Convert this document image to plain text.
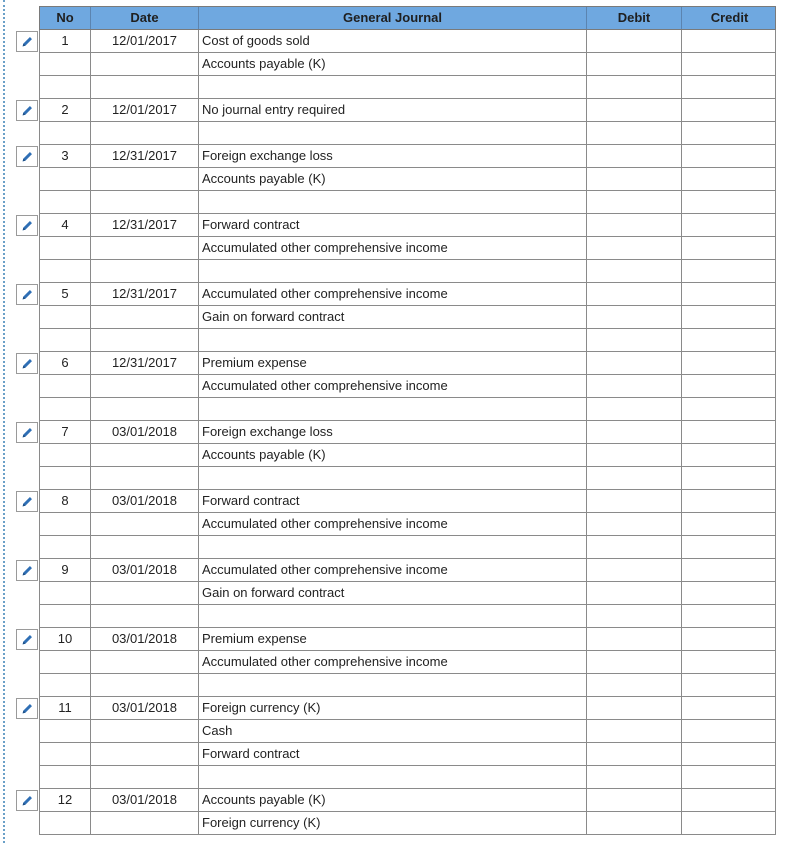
No	Date	General Journal	Debit	Credit
1	12/01/2017	Cost of goods sold
Accounts payable (K)
2	12/01/2017	No journal entry required
3	12/31/2017	Foreign exchange loss
Accounts payable (K)
4	12/31/2017	Forward contract
Accumulated other comprehensive income
5	12/31/2017	Accumulated other comprehensive income
Gain on forward contract
6	12/31/2017	Premium expense
Accumulated other comprehensive income
7	03/01/2018	Foreign exchange loss
Accounts payable (K)
8	03/01/2018	Forward contract
Accumulated other comprehensive income
9	03/01/2018	Accumulated other comprehensive income
Gain on forward contract
10	03/01/2018	Premium expense
Accumulated other comprehensive income
11	03/01/2018	Foreign currency (K)
Cash
Forward contract
12	03/01/2018	Accounts payable (K)
Foreign currency (K)
